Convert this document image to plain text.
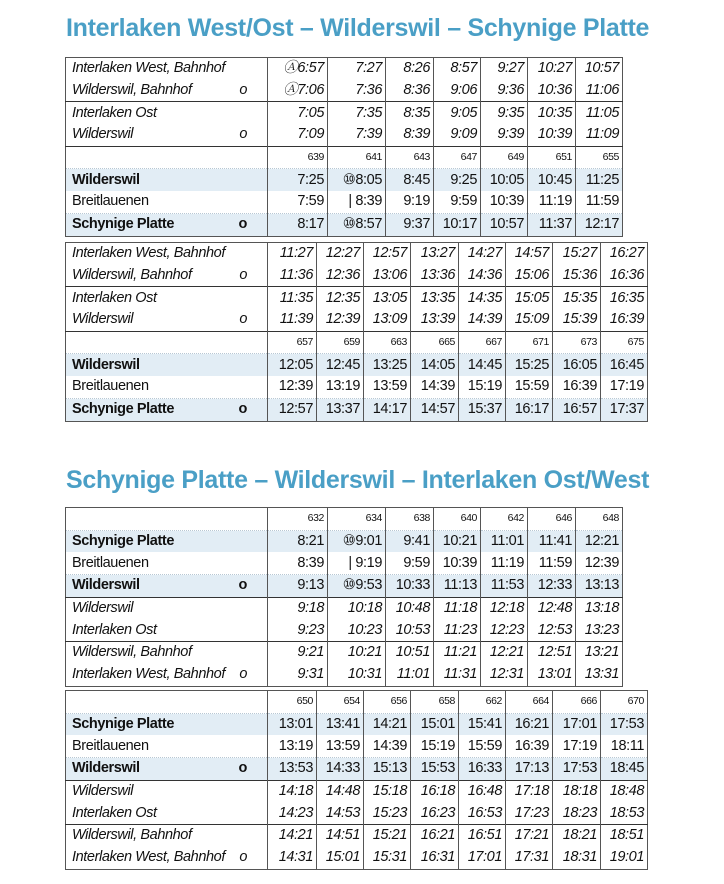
Interlaken West/Ost – Wilderswil – Schynige Platte
Interlaken West, Bahnhof	Ⓐ6:57	7:27	8:26	8:57	9:27	10:27	10:57
Wilderswil, Bahnhof o	Ⓐ7:06	7:36	8:36	9:06	9:36	10:36	11:06
Interlaken Ost	7:05	7:35	8:35	9:05	9:35	10:35	11:05
Wilderswil o	7:09	7:39	8:39	9:09	9:39	10:39	11:09

	639	641	643	647	649	651	655
Wilderswil	7:25	⑩8:05	8:45	9:25	10:05	10:45	11:25
Breitlauenen	7:59	| 8:39	9:19	9:59	10:39	11:19	11:59
Schynige Platte o	8:17	⑩8:57	9:37	10:17	10:57	11:37	12:17
Interlaken West, Bahnhof	11:27	12:27	12:57	13:27	14:27	14:57	15:27	16:27
Wilderswil, Bahnhof o	11:36	12:36	13:06	13:36	14:36	15:06	15:36	16:36
Interlaken Ost	11:35	12:35	13:05	13:35	14:35	15:05	15:35	16:35
Wilderswil o	11:39	12:39	13:09	13:39	14:39	15:09	15:39	16:39

	657	659	663	665	667	671	673	675
Wilderswil	12:05	12:45	13:25	14:05	14:45	15:25	16:05	16:45
Breitlauenen	12:39	13:19	13:59	14:39	15:19	15:59	16:39	17:19
Schynige Platte o	12:57	13:37	14:17	14:57	15:37	16:17	16:57	17:37
Schynige Platte – Wilderswil – Interlaken Ost/West
	632	634	638	640	642	646	648
Schynige Platte	8:21	⑩9:01	9:41	10:21	11:01	11:41	12:21
Breitlauenen	8:39	| 9:19	9:59	10:39	11:19	11:59	12:39
Wilderswil o	9:13	⑩9:53	10:33	11:13	11:53	12:33	13:13
Wilderswil	9:18	10:18	10:48	11:18	12:18	12:48	13:18
Interlaken Ost	9:23	10:23	10:53	11:23	12:23	12:53	13:23
Wilderswil, Bahnhof	9:21	10:21	10:51	11:21	12:21	12:51	13:21
Interlaken West, Bahnhof o	9:31	10:31	11:01	11:31	12:31	13:01	13:31
	650	654	656	658	662	664	666	670
Schynige Platte	13:01	13:41	14:21	15:01	15:41	16:21	17:01	17:53
Breitlauenen	13:19	13:59	14:39	15:19	15:59	16:39	17:19	18:11
Wilderswil o	13:53	14:33	15:13	15:53	16:33	17:13	17:53	18:45
Wilderswil	14:18	14:48	15:18	16:18	16:48	17:18	18:18	18:48
Interlaken Ost	14:23	14:53	15:23	16:23	16:53	17:23	18:23	18:53
Wilderswil, Bahnhof	14:21	14:51	15:21	16:21	16:51	17:21	18:21	18:51
Interlaken West, Bahnhof o	14:31	15:01	15:31	16:31	17:01	17:31	18:31	19:01
